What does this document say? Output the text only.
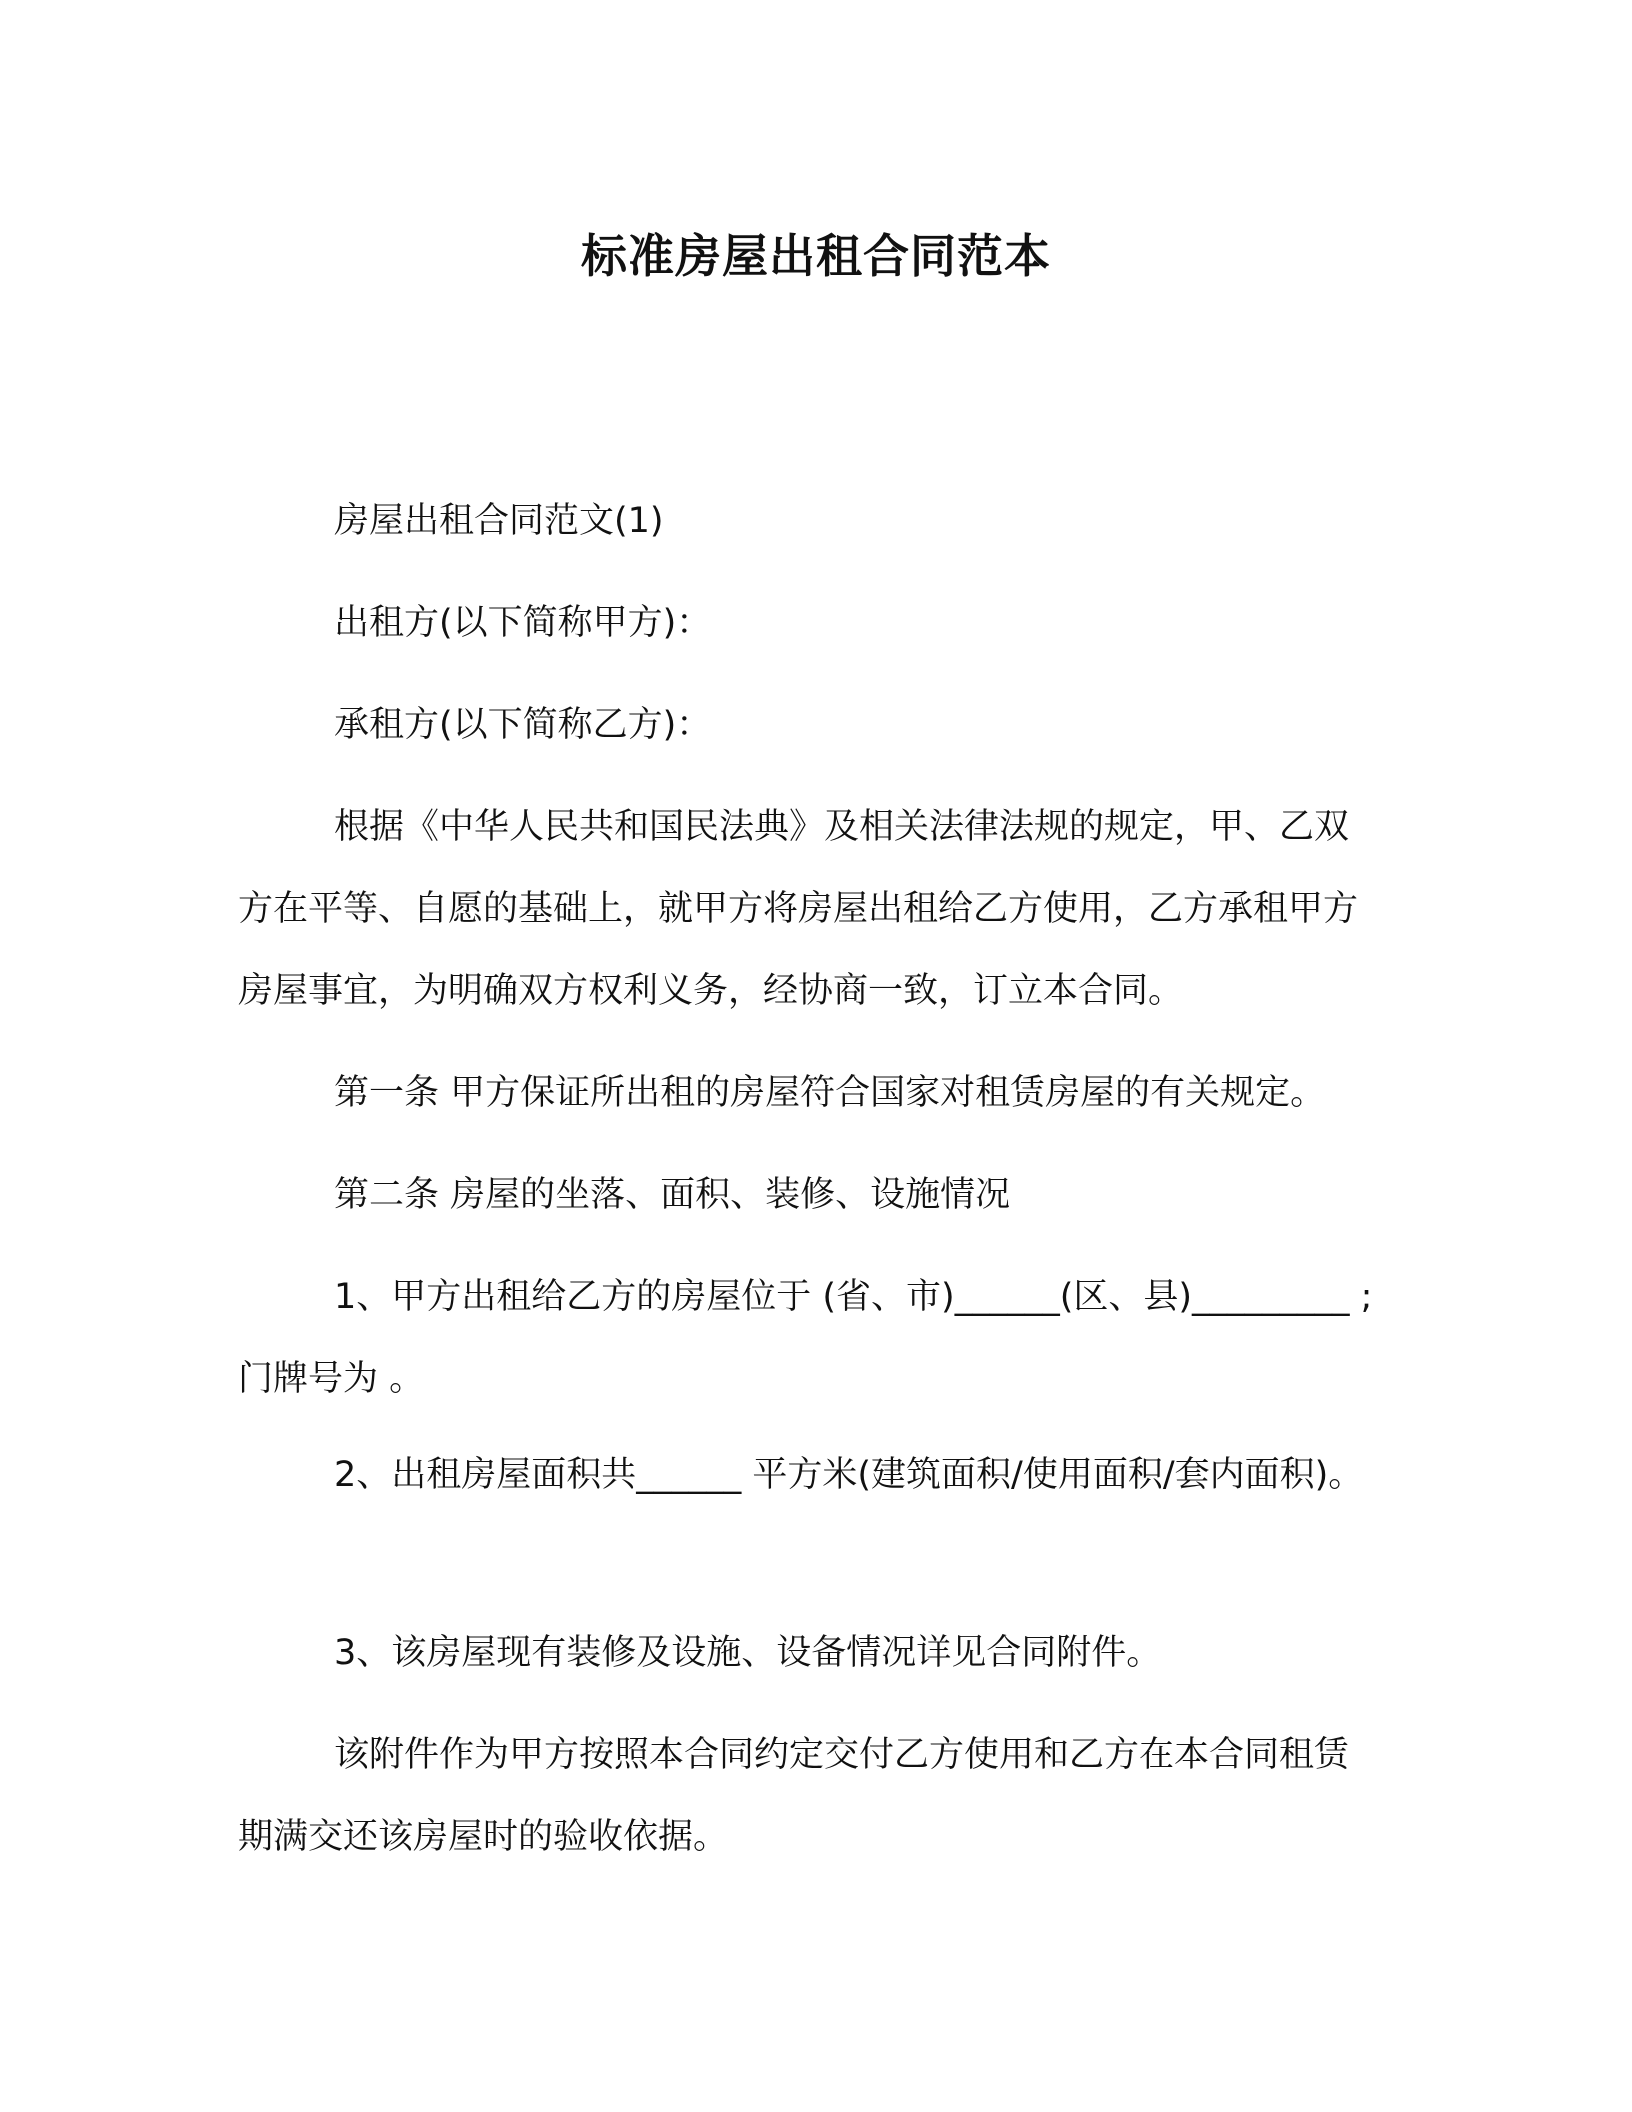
标准房屋出租合同范本
房屋出租合同范文(1)
出租方(以下简称甲方)：
承租方(以下简称乙方)：
根据《中华人民共和国民法典》及相关法律法规的规定，甲、乙双方在平等、自愿的基础上，就甲方将房屋出租给乙方使用，乙方承租甲方房屋事宜，为明确双方权利义务，经协商一致，订立本合同。
第一条 甲方保证所出租的房屋符合国家对租赁房屋的有关规定。
第二条 房屋的坐落、面积、装修、设施情况
1、甲方出租给乙方的房屋位于 (省、市)______(区、县)_________ ;门牌号为 。
2、出租房屋面积共______ 平方米(建筑面积/使用面积/套内面积)。
3、该房屋现有装修及设施、设备情况详见合同附件。
该附件作为甲方按照本合同约定交付乙方使用和乙方在本合同租赁期满交还该房屋时的验收依据。
